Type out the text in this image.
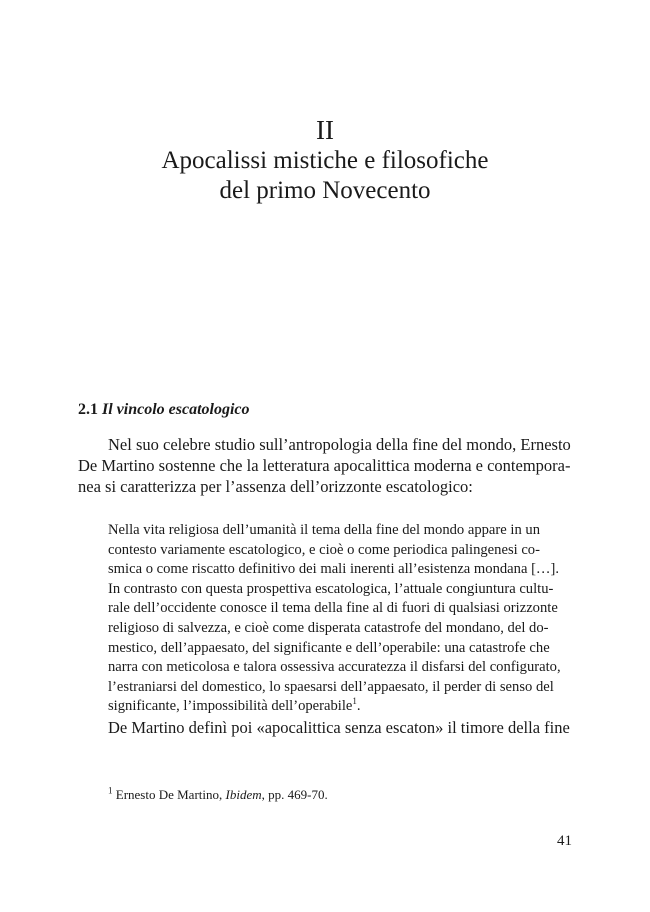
II
Apocalissi mistiche e filosofiche
del primo Novecento
2.1 Il vincolo escatologico
Nel suo celebre studio sull’antropologia della fine del mondo, Ernesto
De Martino sostenne che la letteratura apocalittica moderna e contempora-
nea si caratterizza per l’assenza dell’orizzonte escatologico:
Nella vita religiosa dell’umanità il tema della fine del mondo appare in un
contesto variamente escatologico, e cioè o come periodica palingenesi co-
smica o come riscatto definitivo dei mali inerenti all’esistenza mondana […].
In contrasto con questa prospettiva escatologica, l’attuale congiuntura cultu-
rale dell’occidente conosce il tema della fine al di fuori di qualsiasi orizzonte
religioso di salvezza, e cioè come disperata catastrofe del mondano, del do-
mestico, dell’appaesato, del significante e dell’operabile: una catastrofe che
narra con meticolosa e talora ossessiva accuratezza il disfarsi del configurato,
l’estraniarsi del domestico, lo spaesarsi dell’appaesato, il perder di senso del
significante, l’impossibilità dell’operabile$^1$.
De Martino definì poi «apocalittica senza escaton» il timore della fine
$^1$ Ernesto De Martino, Ibidem, pp. 469-70.
41
